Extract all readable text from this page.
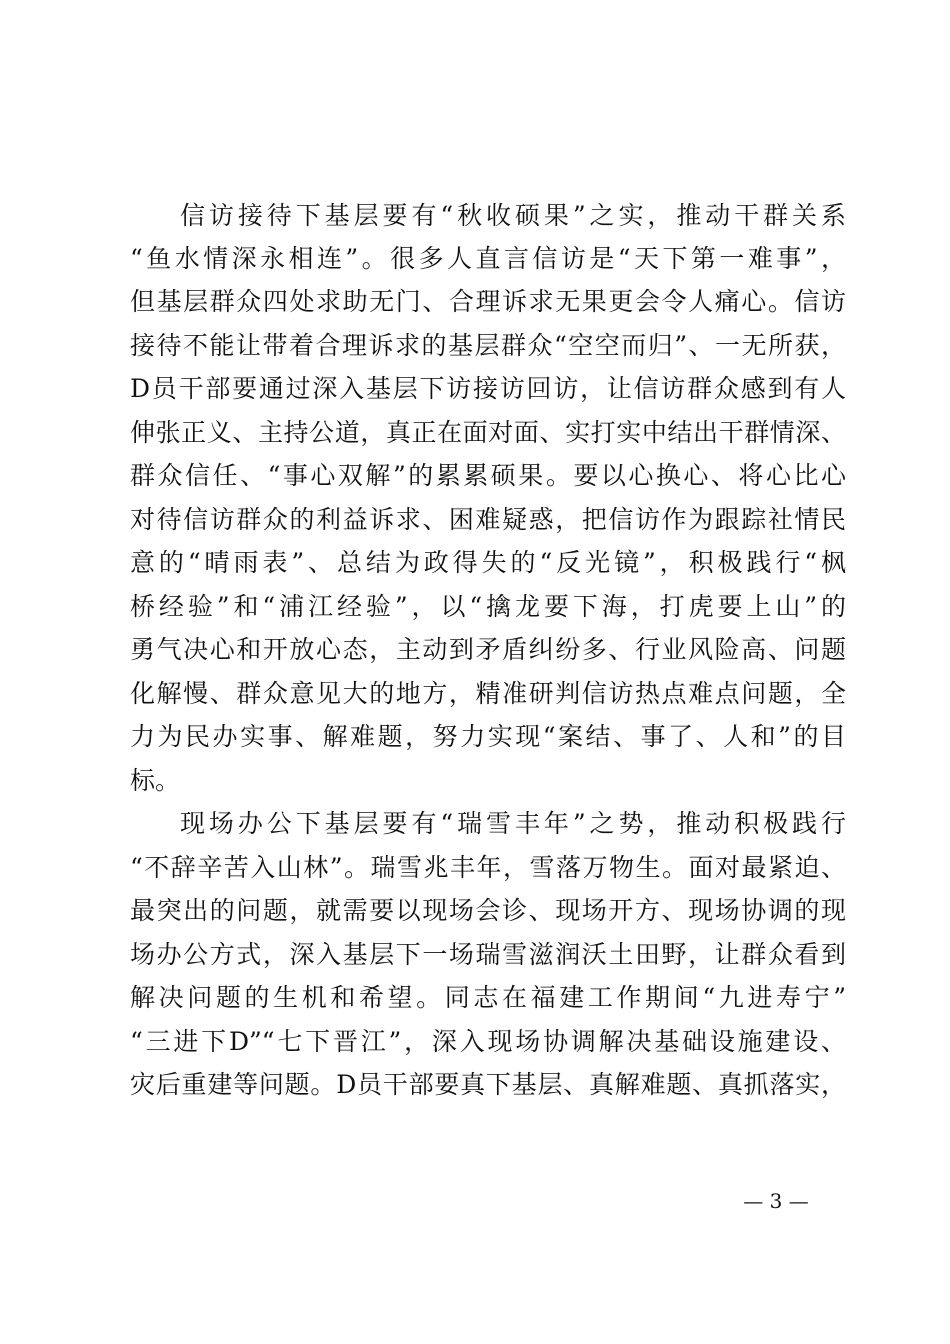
信访接待下基层要有“秋收硕果”之实，推动干群关系
“鱼水情深永相连”。很多人直言信访是“天下第一难事”，
但基层群众四处求助无门、合理诉求无果更会令人痛心。信访
接待不能让带着合理诉求的基层群众“空空而归”、一无所获，
D员干部要通过深入基层下访接访回访，让信访群众感到有人
伸张正义、主持公道，真正在面对面、实打实中结出干群情深、
群众信任、“事心双解”的累累硕果。要以心换心、将心比心
对待信访群众的利益诉求、困难疑惑，把信访作为跟踪社情民
意的“晴雨表”、总结为政得失的“反光镜”，积极践行“枫
桥经验”和“浦江经验”，以“擒龙要下海，打虎要上山”的
勇气决心和开放心态，主动到矛盾纠纷多、行业风险高、问题
化解慢、群众意见大的地方，精准研判信访热点难点问题，全
力为民办实事、解难题，努力实现“案结、事了、人和”的目
标。
现场办公下基层要有“瑞雪丰年”之势，推动积极践行
“不辞辛苦入山林”。瑞雪兆丰年，雪落万物生。面对最紧迫、
最突出的问题，就需要以现场会诊、现场开方、现场协调的现
场办公方式，深入基层下一场瑞雪滋润沃土田野，让群众看到
解决问题的生机和希望。同志在福建工作期间“九进寿宁”
“三进下D”“七下晋江”，深入现场协调解决基础设施建设、
灾后重建等问题。D员干部要真下基层、真解难题、真抓落实，
— 3 —
